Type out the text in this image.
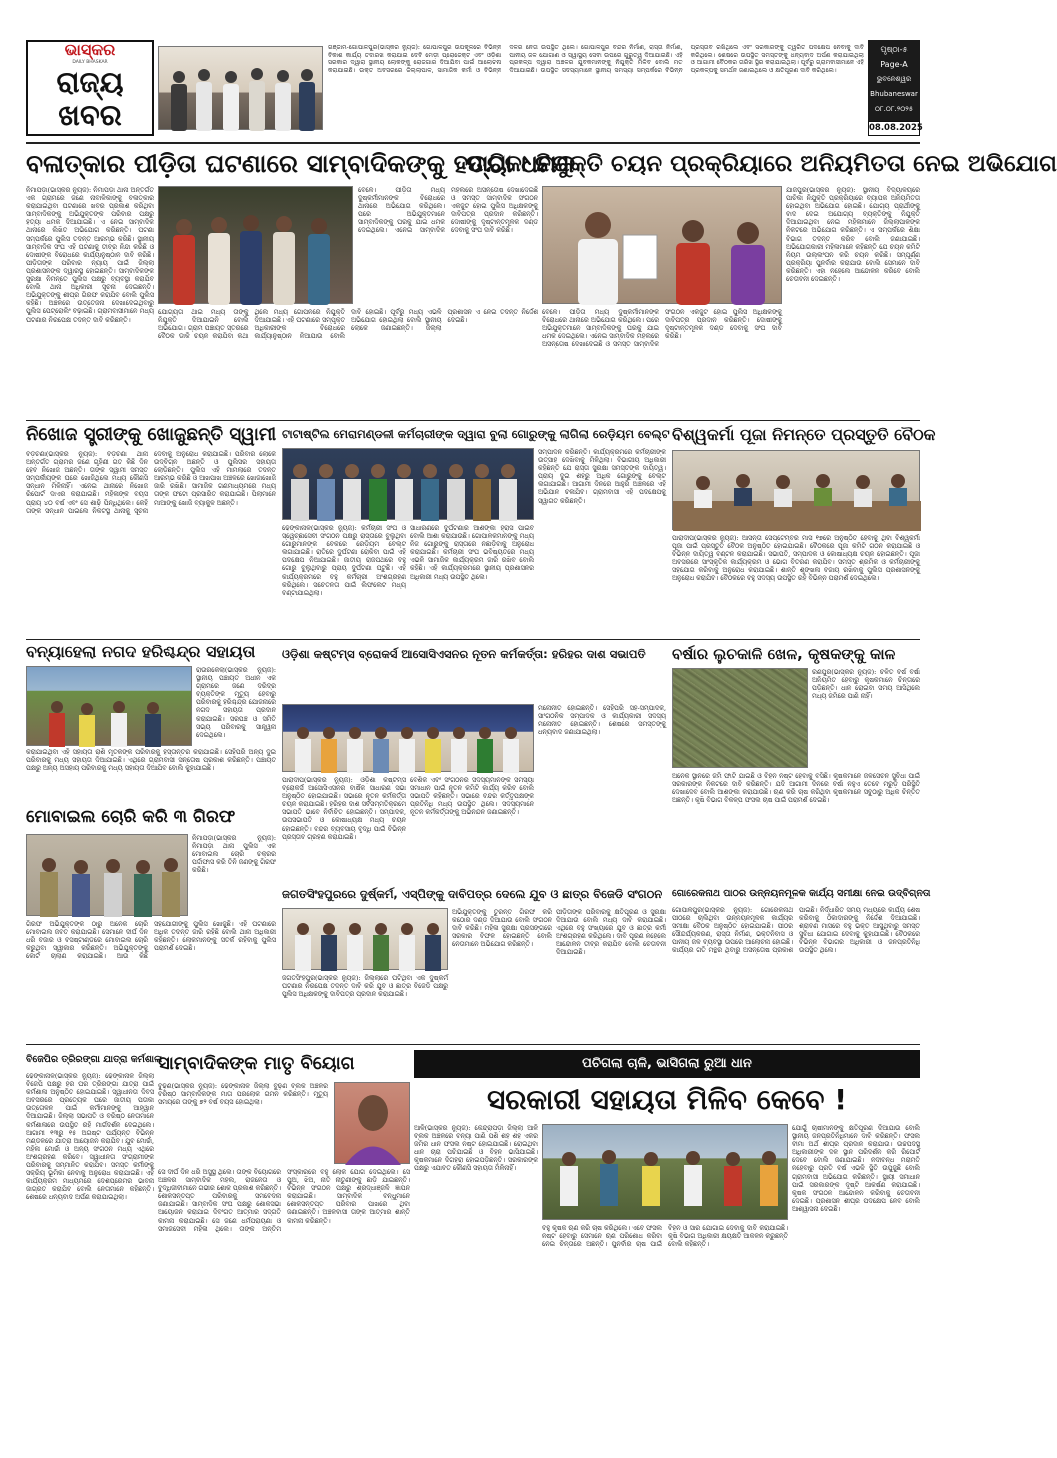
ଭାସ୍କର
DAILY BHASKAR
ରାଜ୍ୟ
ଖବର
ଗଞ୍ଜାମ-ଗୋପାଳପୁର(ଭାସ୍କର ନ୍ୟୁଜ): ଗୋପାଳପୁର ଉପକୂଳରେ ବିଭିନ୍ନ ବିକାଶ କାର୍ଯ୍ୟ ତଦାରଖ କରାଯାଇ ଦେବି ମେଡ଼ୀ ପ୍ରୋଜେକ୍ଟ ଏବଂ ଓଡ଼ିଶା ସରକାର ଦ୍ୱାରା ସ୍ଥାନୀୟ ଲୋକଙ୍କୁ ରୋଜଗାର ଦିଆଯିବା ପାଇଁ ଆଲୋଚନା କରାଯାଇଛି। ଉକ୍ତ ଅବସରରେ ଜିଲ୍ଲାପାଳ, ସାମାଜିକ କର୍ମୀ ଓ ବିଭିନ୍ନ ଦଳର ନେତା ଉପସ୍ଥିତ ଥିଲେ। ଗୋପାଳପୁର ବନ୍ଦର ନିର୍ମାଣ, ରାସ୍ତା ନିର୍ମାଣ, ପାନୀୟ ଜଳ ଯୋଗାଣ ଓ ସ୍ୱାସ୍ଥ୍ୟ ସେବା ଉପରେ ଗୁରୁତ୍ୱ ଦିଆଯାଇଛି। ଏହି ପ୍ରକଳ୍ପ ଦ୍ୱାରା ଅଞ୍ଚଳର ଯୁବକମାନଙ୍କୁ ନିଯୁକ୍ତି ମିଳିବ ବୋଲି ମତ ଦିଆଯାଇଛି। ଉପସ୍ଥିତ ସଦସ୍ୟମାନେ ସ୍ଥାନୀୟ ସମସ୍ୟା ସମ୍ପର୍କରେ ବିଭିନ୍ନ ପ୍ରସ୍ତାବ ରଖିଥିଲେ ଏବଂ ସରକାରଙ୍କୁ ତ୍ୱରିତ ପଦକ୍ଷେପ ନେବାକୁ ଦାବି କରିଥିଲେ। ଶେଷରେ ଉପସ୍ଥିତ ସମସ୍ତଙ୍କୁ ଧନ୍ୟବାଦ ଅର୍ପଣ କରାଯାଇଥିଲା ଓ ଆଗାମୀ ବୈଠକର ତାରିଖ ସ୍ଥିର କରାଯାଇଥିଲା। ପୂର୍ବରୁ ଗ୍ରାମବାସୀମାନେ ଏହି ପ୍ରକଳ୍ପକୁ ସମର୍ଥନ ଜଣାଇଥିଲେ ଓ କ୍ଷତିପୂରଣ ଦାବି କରିଥିଲେ।
ପୃଷ୍ଠା-୫
Page-A
ଭୁବନେଶ୍ୱର
Bhubaneswar
୦୮.୦୮.୨୦୨୫
08.08.2025
ବଳାତ୍କାର ପୀଡ଼ିତା ଘଟଣାରେ ସାମ୍ବାଦିକଙ୍କୁ ହତ୍ୟା ଧମକ
ପାଚିକା ନିଯୁକ୍ତି ଚୟନ ପ୍ରକ୍ରିୟାରେ ଅନିୟମିତତା ନେଇ ଅଭିଯୋଗ
ନିମାପଡ଼ା(ଭାସ୍କର ନ୍ୟୁଜ): ନିମାପଡ଼ା ଥାନା ଅନ୍ତର୍ଗତ ଏକ ଗ୍ରାମରେ ଜଣେ ନାବାଳିକାଙ୍କୁ ବଳାତ୍କାର କରାଯାଇଥିବା ଘଟଣାରେ ଖବର ପ୍ରକାଶ କରିଥିବା ସାମ୍ବାଦିକଙ୍କୁ ଅଭିଯୁକ୍ତଙ୍କ ପରିବାର ପକ୍ଷରୁ ହତ୍ୟା ଧମକ ଦିଆଯାଇଛି। ଏ ନେଇ ସାମ୍ବାଦିକ ଥାନାରେ ଲିଖିତ ଅଭିଯୋଗ କରିଛନ୍ତି। ଘଟଣା ସମ୍ପର୍କରେ ପୁଲିସ ତଦନ୍ତ ଆରମ୍ଭ କରିଛି। ସ୍ଥାନୀୟ ସାମ୍ବାଦିକ ସଂଘ ଏହି ଘଟଣାକୁ ତୀବ୍ର ନିନ୍ଦା କରିଛି ଓ ଦୋଷୀଙ୍କ ବିରୋଧରେ କାର୍ଯ୍ୟାନୁଷ୍ଠାନ ଦାବି କରିଛି। ପୀଡ଼ିତାଙ୍କ ପରିବାର ନ୍ୟାୟ ପାଇଁ ଜିଲ୍ଲା ପ୍ରଶାସନଙ୍କ ଦ୍ୱାରସ୍ଥ ହୋଇଛନ୍ତି। ସାମ୍ବାଦିକଙ୍କ ସୁରକ୍ଷା ନିମନ୍ତେ ପୁଲିସ ପକ୍ଷରୁ ବ୍ୟବସ୍ଥା କରାଯିବ ବୋଲି ଥାନା ଅଧିକାରୀ ସୂଚନା ଦେଇଛନ୍ତି। ଅଭିଯୁକ୍ତଙ୍କୁ ଶୀଘ୍ର ଗିରଫ କରାଯିବ ବୋଲି ପୁଲିସ କହିଛି। ଅଞ୍ଚଳରେ ଉତ୍ତେଜନା ଦେଖାଦେଇଥିବାରୁ ପୁଲିସ ପେଟ୍ରୋଲିଂ ବଢ଼ାଇଛି। ଗ୍ରାମବାସୀମାନେ ମଧ୍ୟ ଘଟଣାର ନିରପେକ୍ଷ ତଦନ୍ତ ଦାବି କରିଛନ୍ତି।
ବେଳେ। ପୀଡ଼ିତା ମଧ୍ୟ ଦୁଷ୍କର୍ମୀମାନଙ୍କ ବିରୋଧରେ ଥାନାରେ ଅଭିଯୋଗ କରିଥିଲେ। ପରେ ଅଭିଯୁକ୍ତମାନେ ସାମ୍ବାଦିକଙ୍କୁ ଘରକୁ ଯାଇ ଧମକ ଦେଇଥିଲେ। ଏନେଇ ସାମ୍ବାଦିକ ମହଲରେ ଅସନ୍ତୋଷ ଦେଖାଦେଇଛି ଓ ସମସ୍ତ ସାମ୍ବାଦିକ ସଂଗଠନ ଏକଜୁଟ ହୋଇ ପୁଲିସ ଅଧିକ୍ଷକଙ୍କୁ ଦାବିପତ୍ର ପ୍ରଦାନ କରିଛନ୍ତି। ଦୋଷୀଙ୍କୁ ଦୃଷ୍ଟାନ୍ତମୂଳକ ଦଣ୍ଡ ଦେବାକୁ ସଂଘ ଦାବି କରିଛି।
ଯାଜପୁର(ଭାସ୍କର ନ୍ୟୁଜ): ସ୍ଥାନୀୟ ବିଦ୍ୟାଳୟରେ ପାଚିକା ନିଯୁକ୍ତି ପ୍ରକ୍ରିୟାରେ ବ୍ୟାପକ ଅନିୟମିତତା ହୋଇଥିବା ଅଭିଯୋଗ ହୋଇଛି। ଯୋଗ୍ୟ ପ୍ରାର୍ଥୀଙ୍କୁ ବାଦ ଦେଇ ଅଯୋଗ୍ୟ ବ୍ୟକ୍ତିଙ୍କୁ ନିଯୁକ୍ତି ଦିଆଯାଇଥିବା ନେଇ ମହିଳାମାନେ ଜିଲ୍ଲାପାଳଙ୍କ ନିକଟରେ ଅଭିଯୋଗ କରିଛନ୍ତି। ଏ ସମ୍ପର୍କରେ ଶିକ୍ଷା ବିଭାଗ ତଦନ୍ତ କରିବ ବୋଲି ଜଣାଯାଇଛି। ଅଭିଯୋଗକାରୀ ମହିଳାମାନେ କହିଛନ୍ତି ଯେ ଚୟନ କମିଟି ନିୟମ ଉଲ୍ଲଂଘନ କରି ଚୟନ କରିଛି। ସମ୍ପୂର୍ଣ୍ଣ ପ୍ରକ୍ରିୟା ପୁନର୍ବାର କରାଯାଉ ବୋଲି ସେମାନେ ଦାବି କରିଛନ୍ତି। ଏହା ନହେଲେ ଆନ୍ଦୋଳନ କରିବେ ବୋଲି ଚେତାବନୀ ଦେଇଛନ୍ତି।
ଯୋଗ୍ୟତା ଥାଇ ମଧ୍ୟ ତାଙ୍କୁ ନିଯୁକ୍ତି ଦିଆଯାଇନି ବୋଲି ଅଭିଯୋଗ। ଗ୍ରାମ ପଞ୍ଚାୟତ ସ୍ତରରେ ବୈଠକ ଡାକି ଚୟନ କରାଯିବା କଥା ଥିଲେ ମଧ୍ୟ ଗୋପନରେ ନିଯୁକ୍ତି ଦିଆଯାଇଛି। ଏହି ଘଟଣାରେ ସମ୍ପୃକ୍ତ ଅଧିକାରୀଙ୍କ ବିରୋଧରେ କାର୍ଯ୍ୟାନୁଷ୍ଠାନ ନିଆଯାଉ ବୋଲି ଦାବି ହୋଇଛି। ପୂର୍ବରୁ ମଧ୍ୟ ଏଭଳି ଅଭିଯୋଗ ହୋଇଥିଲା ବୋଲି ସ୍ଥାନୀୟ ଲୋକେ ଜଣାଇଛନ୍ତି। ଜିଲ୍ଲା ପ୍ରଶାସନ ଏ ନେଇ ତଦନ୍ତ ନିର୍ଦ୍ଦେଶ ଦେଇଛି।
ବେଳେ। ପୀଡ଼ିତା ମଧ୍ୟ ଦୁଷ୍କର୍ମୀମାନଙ୍କ ବିରୋଧରେ ଥାନାରେ ଅଭିଯୋଗ କରିଥିଲେ। ପରେ ଅଭିଯୁକ୍ତମାନେ ସାମ୍ବାଦିକଙ୍କୁ ଘରକୁ ଯାଇ ଧମକ ଦେଇଥିଲେ। ଏନେଇ ସାମ୍ବାଦିକ ମହଲରେ ଅସନ୍ତୋଷ ଦେଖାଦେଇଛି ଓ ସମସ୍ତ ସାମ୍ବାଦିକ ସଂଗଠନ ଏକଜୁଟ ହୋଇ ପୁଲିସ ଅଧିକ୍ଷକଙ୍କୁ ଦାବିପତ୍ର ପ୍ରଦାନ କରିଛନ୍ତି। ଦୋଷୀଙ୍କୁ ଦୃଷ୍ଟାନ୍ତମୂଳକ ଦଣ୍ଡ ଦେବାକୁ ସଂଘ ଦାବି କରିଛି।
ନିଖୋଜ ସ୍ତ୍ରୀଙ୍କୁ ଖୋଜୁଛନ୍ତି ସ୍ୱାମୀ ଟାଟାଷ୍ଟିଲ ମେରାମଣ୍ଡଳୀ କର୍ମଚାରୀଙ୍କ ଦ୍ୱାରା ବୁଲା ଗୋରୁଙ୍କୁ ଲାଗିଲା ରେଡ଼ିୟମ ବେଲ୍ଟ ବିଶ୍ୱକର୍ମା ପୂଜା ନିମନ୍ତେ ପ୍ରସ୍ତୁତି ବୈଠକ
ବଡ଼ଚଣା(ଭାସ୍କର ନ୍ୟୁଜ): ବଡ଼ଚଣା ଥାନା ଅନ୍ତର୍ଗତ ଗ୍ରାମର ଜଣେ ଗୃହିଣୀ ଗତ କିଛି ଦିନ ହେବ ନିଖୋଜ ଅଛନ୍ତି। ତାଙ୍କ ସ୍ୱାମୀ ସମସ୍ତ ସମ୍ପର୍କୀୟଙ୍କ ଘରେ ଖୋଜିଥିଲେ ମଧ୍ୟ କୌଣସି ସନ୍ଧାନ ମିଳିନାହିଁ। ଏନେଇ ଥାନାରେ ନିଖୋଜ ରିପୋର୍ଟ ଦାଏର କରାଯାଇଛି। ମହିଳାଙ୍କ ବୟସ ପ୍ରାୟ ୪୦ ବର୍ଷ ଏବଂ ସେ ଶାଢ଼ି ପିନ୍ଧିଥିଲେ। କେହି ତାଙ୍କ ସନ୍ଧାନ ପାଇଲେ ନିକଟସ୍ଥ ଥାନାକୁ ସୂଚନା ଦେବାକୁ ଅନୁରୋଧ କରାଯାଇଛି। ପରିବାର ଲୋକେ ଉଦ୍‌ବିଗ୍ନ ଅଛନ୍ତି ଓ ପୁଲିସର ସହାୟତା ଲୋଡ଼ିଛନ୍ତି। ପୁଲିସ ଏହି ମାମଲାରେ ତଦନ୍ତ ଆରମ୍ଭ କରିଛି ଓ ଆଖପାଖ ଅଞ୍ଚଳରେ ଖୋଜାଖୋଜି ଜାରି ରଖିଛି। ସାମାଜିକ ଗଣମାଧ୍ୟମରେ ମଧ୍ୟ ତାଙ୍କ ଫଟୋ ପ୍ରସାରିତ କରାଯାଇଛି। ପିଲାମାନେ ମାଆଙ୍କୁ ଖୋଜି ବ୍ୟାକୁଳ ଅଛନ୍ତି।
ଢେଙ୍କାନାଳ(ଭାସ୍କର ନ୍ୟୁଜ): କର୍ମଚାରୀ ସଂଘ ଓ ସ୍ୱେଚ୍ଛାସେବୀ ସଂଗଠନ ପକ୍ଷରୁ ରାସ୍ତାରେ ବୁଲୁଥିବା ଗୋରୁମାନଙ୍କ ବେକରେ ରେଡ଼ିୟମ ବେଲ୍ଟ ଲଗାଯାଇଛି। ରାତିରେ ଦୁର୍ଘଟଣା ରୋକିବା ପାଇଁ ଏହି ପଦକ୍ଷେପ ନିଆଯାଇଛି। ଜାତୀୟ ରାଜପଥରେ ବହୁ ଗୋରୁ ବୁଲୁଥିବାରୁ ପ୍ରାୟ ଦୁର୍ଘଟଣା ଘଟୁଛି। ଏହି କାର୍ଯ୍ୟକ୍ରମରେ ବହୁ କର୍ମଚାରୀ ଅଂଶଗ୍ରହଣ କରିଥିଲେ। ସଚେତନତା ପାଇଁ ଲିଫଲେଟ ମଧ୍ୟ ବଣ୍ଟାଯାଇଥିଲା।
ସାଧାରଣରେ ଦୁର୍ଘଟଣାର ଆଶଙ୍କା ହ୍ରାସ ପାଇବ ବୋଲି ଆଶା କରାଯାଉଛି। ଗୋପାଳକମାନଙ୍କୁ ମଧ୍ୟ ନିଜ ଗୋରୁଙ୍କୁ ରାସ୍ତାରେ ନଛାଡ଼ିବାକୁ ଅନୁରୋଧ କରାଯାଇଛି। କର୍ମଚାରୀ ସଂଘ ଭବିଷ୍ୟତରେ ମଧ୍ୟ ଏଭଳି ସାମାଜିକ କାର୍ଯ୍ୟକ୍ରମ ଜାରି ରଖିବ ବୋଲି କହିଛି। ଏହି କାର୍ଯ୍ୟକ୍ରମରେ ସ୍ଥାନୀୟ ପ୍ରଶାସନର ଅଧିକାରୀ ମଧ୍ୟ ଉପସ୍ଥିତ ଥିଲେ।
ସମ୍ପାଦନ କରିଛନ୍ତି। କାର୍ଯ୍ୟକ୍ରମରେ କର୍ମଚାରୀଙ୍କ ଉତ୍ସାହ ଦେଖିବାକୁ ମିଳିଥିଲା। ବିଭାଗୀୟ ଅଧିକାରୀ କହିଛନ୍ତି ଯେ ରାସ୍ତା ସୁରକ୍ଷା ସମସ୍ତଙ୍କ ଦାୟିତ୍ୱ। ପ୍ରାୟ ଦୁଇ ଶହରୁ ଅଧିକ ଗୋରୁଙ୍କୁ ବେଲ୍ଟ ଲଗାଯାଇଛି। ଆଗାମୀ ଦିନରେ ଆହୁରି ଅଞ୍ଚଳରେ ଏହି ଅଭିଯାନ ଚଳାଯିବ। ଗ୍ରାମବାସୀ ଏହି ପଦକ୍ଷେପକୁ ସ୍ୱାଗତ କରିଛନ୍ତି।
ପାରାଦୀପ(ଭାସ୍କର ନ୍ୟୁଜ): ଆସନ୍ତା ସେପ୍ଟେମ୍ବର ମାସ ୧୭ରେ ଅନୁଷ୍ଠିତ ହେବାକୁ ଥିବା ବିଶ୍ୱକର୍ମା ପୂଜା ପାଇଁ ପ୍ରସ୍ତୁତି ବୈଠକ ଅନୁଷ୍ଠିତ ହୋଇଯାଇଛି। ବୈଠକରେ ପୂଜା କମିଟି ଗଠନ କରାଯାଇଛି ଓ ବିଭିନ୍ନ ଦାୟିତ୍ୱ ବଣ୍ଟନ କରାଯାଇଛି। ସଭାପତି, ସମ୍ପାଦକ ଓ କୋଷାଧ୍ୟକ୍ଷ ଚୟନ ହୋଇଛନ୍ତି। ପୂଜା ଅବସରରେ ସାଂସ୍କୃତିକ କାର୍ଯ୍ୟକ୍ରମ ଓ ଭୋଗ ବିତରଣ କରାଯିବ। ସମସ୍ତ ଶ୍ରମିକ ଓ କର୍ମଚାରୀଙ୍କୁ ସହଯୋଗ କରିବାକୁ ଅନୁରୋଧ କରାଯାଇଛି। ଶାନ୍ତି ଶୃଙ୍ଖଳା ବଜାୟ ରଖିବାକୁ ପୁଲିସ ପ୍ରଶାସନଙ୍କୁ ଅନୁରୋଧ କରାଯିବ। ବୈଠକରେ ବହୁ ସଦସ୍ୟ ଉପସ୍ଥିତ ରହି ବିଭିନ୍ନ ପରାମର୍ଶ ଦେଇଥିଲେ।
ବନ୍ୟାହେଲା ନଗଦ ହରିଶ୍ଚନ୍ଦ୍ର ସହାୟତା
ରାଉରକେଲା(ଭାସ୍କର ନ୍ୟୁଜ): ସ୍ଥାନୀୟ ପଞ୍ଚାୟତ ଅଧୀନ ଏକ ଗ୍ରାମରେ ଜଣେ ଦରିଦ୍ର ବ୍ୟକ୍ତିଙ୍କ ମୃତ୍ୟୁ ହେବାରୁ ପରିବାରକୁ ହରିଶ୍ଚନ୍ଦ୍ର ଯୋଜନାରେ ନଗଦ ସହାୟତା ପ୍ରଦାନ କରାଯାଇଛି। ସରପଞ୍ଚ ଓ ସମିତି ସଭ୍ୟ ପରିବାରକୁ ସାନ୍ତ୍ୱନା ଦେଇଥିଲେ।
କରାଯାଇଥିବା ଏହି ସହାୟତା ରାଶି ମୃତକଙ୍କ ପରିବାରକୁ ହସ୍ତାନ୍ତର କରାଯାଇଛି। ସେହିପରି ଅନ୍ୟ ଦୁଇ ପରିବାରକୁ ମଧ୍ୟ ସହାୟତା ଦିଆଯାଇଛି। ଏଥିରେ ଗ୍ରାମବାସୀ ସନ୍ତୋଷ ପ୍ରକାଶ କରିଛନ୍ତି। ପଞ୍ଚାୟତ ପକ୍ଷରୁ ଅନ୍ୟ ଅସହାୟ ପରିବାରକୁ ମଧ୍ୟ ସହାୟତା ଦିଆଯିବ ବୋଲି କୁହାଯାଇଛି।
ଓଡ଼ିଶା କଷ୍ଟମ୍ସ ବ୍ରୋକର୍ସ ଆସୋସିଏସନର ନୂତନ କର୍ମକର୍ତ୍ତା: ହରିହର ଦାଶ ସଭାପତି
ପାରାଦୀପ(ଭାସ୍କର ନ୍ୟୁଜ): ଓଡ଼ିଶା କଷ୍ଟମ୍ସ ବ୍ରୋକର୍ସ ଆସୋସିଏସନର ବାର୍ଷିକ ସାଧାରଣ ସଭା ଅନୁଷ୍ଠିତ ହୋଇଯାଇଛି। ସଭାରେ ନୂତନ କର୍ମକର୍ତ୍ତା ଚୟନ କରାଯାଇଛି। ହରିହର ଦାଶ ସର୍ବସମ୍ମତିକ୍ରମେ ସଭାପତି ଭାବେ ନିର୍ବାଚିତ ହୋଇଛନ୍ତି। ସମ୍ପାଦକ, ଉପସଭାପତି ଓ କୋଷାଧ୍ୟକ୍ଷ ମଧ୍ୟ ଚୟନ ହୋଇଛନ୍ତି। ବନ୍ଦର ବ୍ୟବସାୟ ବୃଦ୍ଧି ପାଇଁ ବିଭିନ୍ନ ପ୍ରସ୍ତାବ ଗ୍ରହଣ କରାଯାଇଛି।
ବେଶିକ ଏବଂ ସଂଗଠନର ସଦସ୍ୟମାନଙ୍କ ସମସ୍ୟା ସମାଧାନ ପାଇଁ ନୂତନ କମିଟି କାର୍ଯ୍ୟ କରିବ ବୋଲି ସଭାପତି କହିଛନ୍ତି। ସଭାରେ ବନ୍ଦର କର୍ତ୍ତୃପକ୍ଷଙ୍କ ପ୍ରତିନିଧି ମଧ୍ୟ ଉପସ୍ଥିତ ଥିଲେ। ସଦସ୍ୟମାନେ ନୂତନ କର୍ମକର୍ତ୍ତାଙ୍କୁ ଅଭିନନ୍ଦନ ଜଣାଇଛନ୍ତି।
ମନୋନୀତ ହୋଇଛନ୍ତି। ସେହିପରି ସହ-ସମ୍ପାଦକ, ସାଂଗଠନିକ ସମ୍ପାଦକ ଓ କାର୍ଯ୍ୟକାରୀ ସଦସ୍ୟ ମନୋନୀତ ହୋଇଛନ୍ତି। ଶେଷରେ ସମସ୍ତଙ୍କୁ ଧନ୍ୟବାଦ ଜଣାଯାଇଥିଲା।
ବର୍ଷାର ଲୁଚକାଳି ଖେଳ, କୃଷକଙ୍କୁ କାଳ
ରଣପୁର(ଭାସ୍କର ନ୍ୟୁଜ): ଚଳିତ ବର୍ଷ ବର୍ଷା ଅନିୟମିତ ହେବାରୁ କୃଷକମାନେ ଚିନ୍ତାରେ ପଡ଼ିଛନ୍ତି। ଧାନ ରୋଇବା ସମୟ ଆସିଥିଲେ ମଧ୍ୟ ଜମିରେ ପାଣି ନାହିଁ।
ଅନେକ ସ୍ଥାନରେ ଜମି ଫାଟି ଯାଇଛି ଓ ବିହନ ନଷ୍ଟ ହେବାକୁ ବସିଛି। କୃଷକମାନେ ଜଳସେଚନ ସୁବିଧା ପାଇଁ ସରକାରଙ୍କ ନିକଟରେ ଦାବି କରିଛନ୍ତି। ଯଦି ଆଗାମୀ ଦିନରେ ବର୍ଷା ନହୁଏ ତେବେ ମରୁଡ଼ି ପରିସ୍ଥିତି ଦେଖାଦେବ ବୋଲି ଆଶଙ୍କା କରାଯାଉଛି। ଋଣ କରି ଚାଷ କରିଥିବା କୃଷକମାନେ ସବୁଠାରୁ ଅଧିକ ଚିନ୍ତିତ ଅଛନ୍ତି। କୃଷି ବିଭାଗ ବିକଳ୍ପ ଫସଲ ଚାଷ ପାଇଁ ପରାମର୍ଶ ଦେଇଛି।
ମୋବାଇଲ ଚୋରି କରି ୩ ଗିରଫ
ନିମାପଡ଼ା(ଭାସ୍କର ନ୍ୟୁଜ): ନିମାପଡ଼ା ଥାନା ପୁଲିସ ଏକ ମୋବାଇଲ ଚୋରି ଚକ୍ରର ପର୍ଦ୍ଦାଫାସ କରି ତିନି ଜଣଙ୍କୁ ଗିରଫ କରିଛି।
ଗିରଫ ଅଭିଯୁକ୍ତଙ୍କ ଠାରୁ ଅନେକ ଚୋରି ମୋବାଇଲ ଜବତ କରାଯାଇଛି। ସେମାନେ ଦୀର୍ଘ ଦିନ ଧରି ବଜାର ଓ ବସଷ୍ଟାଣ୍ଡରେ ମୋବାଇଲ ଚୋରି କରୁଥିବା ସ୍ୱୀକାର କରିଛନ୍ତି। ଅଭିଯୁକ୍ତଙ୍କୁ କୋର୍ଟ ଚାଲାଣ କରାଯାଇଛି। ଆଉ କିଛି ସହଯୋଗୀଙ୍କୁ ପୁଲିସ ଖୋଜୁଛି। ଏହି ଘଟଣାରେ ଅଧିକ ତଦନ୍ତ ଜାରି ରହିଛି ବୋଲି ଥାନା ଅଧିକାରୀ କହିଛନ୍ତି। ଲୋକମାନଙ୍କୁ ସତର୍କ ରହିବାକୁ ପୁଲିସ ପରାମର୍ଶ ଦେଇଛି।
ଜଗତସିଂହପୁରରେ ଦୁର୍ଷ୍କର୍ମ, ଏସ୍‌ପିଙ୍କୁ ଦାବିପତ୍ର ଦେଲେ ଯୁବ ଓ ଛାତ୍ର ବିଜେଡି ସଂଗଠନ
ଜଗତସିଂହପୁର(ଭାସ୍କର ନ୍ୟୁଜ): ଜିଲ୍ଲାରେ ଘଟିଥିବା ଏକ ଦୁଷ୍କର୍ମ ଘଟଣାର ନିରପେକ୍ଷ ତଦନ୍ତ ଦାବି କରି ଯୁବ ଓ ଛାତ୍ର ବିଜେଡି ପକ୍ଷରୁ ପୁଲିସ ଅଧିକ୍ଷକଙ୍କୁ ଦାବିପତ୍ର ପ୍ରଦାନ କରାଯାଇଛି।
ଅଭିଯୁକ୍ତଙ୍କୁ ତୁରନ୍ତ ଗିରଫ କରି କଠୋର ଦଣ୍ଡ ଦିଆଯାଉ ବୋଲି ସଂଗଠନ ଦାବି କରିଛି। ମହିଳା ସୁରକ୍ଷା ପ୍ରସଙ୍ଗରେ ସରକାର ବିଫଳ ହୋଇଛନ୍ତି ବୋଲି ନେତାମାନେ ଅଭିଯୋଗ କରିଛନ୍ତି।
ପୀଡ଼ିତାଙ୍କ ପରିବାରକୁ କ୍ଷତିପୂରଣ ଓ ସୁରକ୍ଷା ଦିଆଯାଉ ବୋଲି ମଧ୍ୟ ଦାବି କରାଯାଇଛି। ଏଥିରେ ବହୁ ସଂଖ୍ୟାରେ ଯୁବ ଓ ଛାତ୍ର କର୍ମୀ ଅଂଶଗ୍ରହଣ କରିଥିଲେ। ଦାବି ପୂରଣ ନହେଲେ ଆନ୍ଦୋଳନ ତୀବ୍ର କରାଯିବ ବୋଲି ଚେତାବନୀ ଦିଆଯାଇଛି।
ଗୋରେକନାଥ ପାଠର ଉନ୍ନୟନମୂଳକ କାର୍ଯ୍ୟ ସମୀକ୍ଷା ନେଇ ଉଦ୍‌ବିଗ୍ନତା
ଗୋପାଳପୁର(ଭାସ୍କର ନ୍ୟୁଜ): ଗୋରେକନାଥ ପୀଠରେ ଚାଲିଥିବା ଉନ୍ନୟନମୂଳକ କାର୍ଯ୍ୟର ସମୀକ୍ଷା ବୈଠକ ଅନୁଷ୍ଠିତ ହୋଇଯାଇଛି। ପୀଠର ସୌନ୍ଦର୍ଯ୍ୟକରଣ, ରାସ୍ତା ନିର୍ମାଣ, ଭକ୍ତନିବାସ ଓ ପାନୀୟ ଜଳ ବ୍ୟବସ୍ଥା ଉପରେ ଆଲୋଚନା ହୋଇଛି। କାର୍ଯ୍ୟର ଗତି ମନ୍ଥର ଥିବାରୁ ଅସନ୍ତୋଷ ପ୍ରକାଶ ପାଇଛି। ନିର୍ଦ୍ଧାରିତ ସମୟ ମଧ୍ୟରେ କାର୍ଯ୍ୟ ଶେଷ କରିବାକୁ ଠିକାଦାରଙ୍କୁ ନିର୍ଦ୍ଦେଶ ଦିଆଯାଇଛି। ଶ୍ରାବଣ ମାସରେ ବହୁ ଭକ୍ତ ଆସୁଥିବାରୁ ସମସ୍ତ ସୁବିଧା ଯୋଗାଇ ଦେବାକୁ କୁହାଯାଇଛି। ବୈଠକରେ ବିଭିନ୍ନ ବିଭାଗର ଅଧିକାରୀ ଓ ଜନପ୍ରତିନିଧି ଉପସ୍ଥିତ ଥିଲେ।
ବିଜେପିର ତ୍ରିରଙ୍ଗା ଯାତ୍ରା କର୍ମଶାଳା
ଢେଙ୍କାନାଳ(ଭାସ୍କର ନ୍ୟୁଜ): ଢେଙ୍କାନାଳ ଜିଲ୍ଲା ବିଜେପି ପକ୍ଷରୁ ହର ଘର ତ୍ରିରଙ୍ଗା ଯାତ୍ରା ପାଇଁ କର୍ମଶାଳା ଅନୁଷ୍ଠିତ ହୋଇଯାଇଛି। ସ୍ୱାଧୀନତା ଦିବସ ଅବସରରେ ପ୍ରତ୍ୟେକ ଘରେ ଜାତୀୟ ପତାକା ଉତ୍ତୋଳନ ପାଇଁ କର୍ମୀମାନଙ୍କୁ ଆହ୍ୱାନ ଦିଆଯାଇଛି। ଜିଲ୍ଲା ସଭାପତି ଓ ବରିଷ୍ଠ ନେତାମାନେ କର୍ମଶାଳାରେ ଉପସ୍ଥିତ ରହି ମାର୍ଗଦର୍ଶନ ଦେଇଥିଲେ। ଆଗାମୀ ୧୩ରୁ ୧୫ ଅଗଷ୍ଟ ପର୍ଯ୍ୟନ୍ତ ବିଭିନ୍ନ ମଣ୍ଡଳରେ ଯାତ୍ରା ଆୟୋଜନ କରାଯିବ। ଯୁବ ମୋର୍ଚ୍ଚା, ମହିଳା ମୋର୍ଚ୍ଚା ଓ ଅନ୍ୟ ସଂଗଠନ ମଧ୍ୟ ଏଥିରେ ଅଂଶଗ୍ରହଣ କରିବେ। ସ୍ୱାଧୀନତା ସଂଗ୍ରାମୀଙ୍କ ପରିବାରକୁ ସମ୍ମାନିତ କରାଯିବ। ସମସ୍ତ କର୍ମୀଙ୍କୁ ସକ୍ରିୟ ଭୂମିକା ନେବାକୁ ଅନୁରୋଧ କରାଯାଇଛି। ଏହି କାର୍ଯ୍ୟକ୍ରମ ମାଧ୍ୟମରେ ଦେଶପ୍ରେମର ଭାବନା ଜାଗ୍ରତ କରାଯିବ ବୋଲି ନେତାମାନେ କହିଛନ୍ତି। ଶେଷରେ ଧନ୍ୟବାଦ ଅର୍ପଣ କରାଯାଇଥିଲା।
ସାମ୍ବାଦିକଙ୍କ ମାତୃ ବିୟୋଗ
ବୁଢ଼ଣ(ଭାସ୍କର ନ୍ୟୁଜ): ଢେଙ୍କାନାଳ ଜିଲ୍ଲା ବୁଢ଼ଣ ବ୍ଲକ ଅଞ୍ଚଳର ବରିଷ୍ଠ ସାମ୍ବାଦିକଙ୍କ ମାତା ପରଲୋକ ଗମନ କରିଛନ୍ତି। ମୃତ୍ୟୁ ସମୟରେ ତାଙ୍କୁ ୭୨ ବର୍ଷ ବୟସ ହୋଇଥିଲା।
ସେ ଦୀର୍ଘ ଦିନ ଧରି ଅସୁସ୍ଥ ଥିଲେ। ତାଙ୍କ ବିୟୋଗରେ ଅଞ୍ଚଳର ସାମ୍ବାଦିକ ମହଲ, ରାଜନେତା ଓ ବୁଦ୍ଧିଜୀବୀମାନେ ଗଭୀର ଶୋକ ପ୍ରକାଶ କରିଛନ୍ତି। ଶୋକସନ୍ତପ୍ତ ପରିବାରକୁ ସମବେଦନା ଜଣାଯାଇଛି। ସାମ୍ବାଦିକ ସଂଘ ପକ୍ଷରୁ ଶୋକସଭା ଆୟୋଜନ କରାଯାଇ ଦିବଂଗତ ଆତ୍ମାର ସଦ୍‌ଗତି କାମନା କରାଯାଇଛି। ସେ ଜଣେ ଧର୍ମପରାୟଣା ଓ ସମାଜସେବୀ ମହିଳା ଥିଲେ। ତାଙ୍କ ଅନ୍ତିମ ସଂସ୍କାରରେ ବହୁ ଲୋକ ଯୋଗ ଦେଇଥିଲେ। ସେ ପୁଅ, ଝିଅ, ନାତି ନାତୁଣୀଙ୍କୁ ଛାଡ଼ି ଯାଇଛନ୍ତି। ବିଭିନ୍ନ ସଂଗଠନ ପକ୍ଷରୁ ଶ୍ରଦ୍ଧାଞ୍ଜଳି ଜ୍ଞାପନ କରାଯାଇଛି। ସାମ୍ବାଦିକ ବନ୍ଧୁମାନେ ଶୋକସନ୍ତପ୍ତ ପରିବାର ପାଖରେ ଥିବା ଜଣାଇଛନ୍ତି। ଅଞ୍ଚଳବାସୀ ତାଙ୍କ ଆତ୍ମାର ଶାନ୍ତି କାମନା କରିଛନ୍ତି।
ପଚିଗଲା ଚାଳି, ଭାସିଗଲା ରୁଆ ଧାନ
ସରକାରୀ ସହାୟତା ମିଳିବ କେବେ !
ଆଳି(ଭାସ୍କର ନ୍ୟୁଜ): କେନ୍ଦ୍ରାପଡ଼ା ଜିଲ୍ଲା ଆଳି ବ୍ଲକ ଅଞ୍ଚଳରେ ବନ୍ୟା ପାଣି ପଶି ଶହ ଶହ ଏକର ଜମିର ଧାନ ଫସଲ ନଷ୍ଟ ହୋଇଯାଇଛି। ରୋଇଥିବା ଧାନ ଚାରା ପଚିଯାଇଛି ଓ ବିହନ ଭାସିଯାଇଛି। କୃଷକମାନେ ଦିଗହରା ହୋଇପଡ଼ିଛନ୍ତି। ସରକାରଙ୍କ ପକ୍ଷରୁ ଏଯାବତ କୌଣସି ସହାୟତା ମିଳିନାହିଁ।
ବହୁ କୃଷକ ଋଣ କରି ଚାଷ କରିଥିଲେ। ଏବେ ଫସଲ ନଷ୍ଟ ହେବାରୁ ସେମାନେ ଋଣ ପରିଶୋଧ କରିବା ନେଇ ଚିନ୍ତାରେ ଅଛନ୍ତି। ପୁନର୍ବାର ଚାଷ ପାଇଁ ବିହନ ଓ ସାର ଯୋଗାଇ ଦେବାକୁ ଦାବି କରାଯାଇଛି। କୃଷି ବିଭାଗ ଅଧିକାରୀ କ୍ଷୟକ୍ଷତି ଆକଳନ କରୁଛନ୍ତି ବୋଲି କହିଛନ୍ତି।
ଯୋଗୁଁ ଚାଷୀମାନଙ୍କୁ କ୍ଷତିପୂରଣ ଦିଆଯାଉ ବୋଲି ସ୍ଥାନୀୟ ଜନପ୍ରତିନିଧିମାନେ ଦାବି କରିଛନ୍ତି। ଫସଲ ବୀମା ଅର୍ଥ ଶୀଘ୍ର ପ୍ରଦାନ କରାଯାଉ। ଉଚ୍ଚପଦସ୍ଥ ଅଧିକାରୀଙ୍କ ଦଳ ସ୍ଥାନ ପରିଦର୍ଶନ କରି ରିପୋର୍ଟ ଦେବେ ବୋଲି ଜଣାଯାଇଛି। ନଦୀବନ୍ଧ ମରାମତି ନହେବାରୁ ପ୍ରତି ବର୍ଷ ଏଭଳି ସ୍ଥିତି ଉପୁଜୁଛି ବୋଲି ଗ୍ରାମବାସୀ ଅଭିଯୋଗ କରିଛନ୍ତି। ସ୍ଥାୟୀ ସମାଧାନ ପାଇଁ ସରକାରଙ୍କ ଦୃଷ୍ଟି ଆକର୍ଷଣ କରାଯାଇଛି। କୃଷକ ସଂଗଠନ ଆନ୍ଦୋଳନ କରିବାକୁ ଚେତାବନୀ ଦେଇଛି। ପ୍ରଶାସନ ଶୀଘ୍ର ପଦକ୍ଷେପ ନେବ ବୋଲି ଆଶ୍ୱାସନା ଦେଇଛି।
